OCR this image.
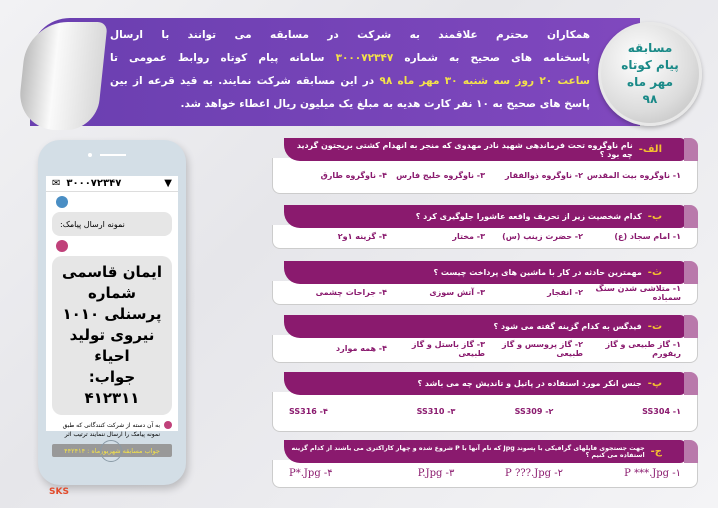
همکاران محترم علاقمند به شرکت در مسابقه می توانند با ارسال
پاسخنامه های صحیح به شماره ۳۰۰۰۷۲۳۴۷ سامانه پیام کوتاه روابط عمومی تا
ساعت ۲۰ روز سه شنبه ۳۰ مهر ماه ۹۸ در این مسابقه شرکت نمایند. به قید قرعه از بین
پاسخ های صحیح به ۱۰ نفر کارت هدیه به مبلغ یک میلیون ریال اعطاء خواهد شد.
مسابقه
پیام کوتاه
مهر ماه
۹۸
✉ ۳۰۰۰۷۲۳۴۷	▼
نمونه ارسال پیامک:
ایمان قاسمی
شماره پرسنلی ۱۰۱۰
نیروی تولید احیاء
جواب: ۴۱۲۳۱۱
به آن دسته از شرکت کنندگانی که طبق نمونه پیامک را ارسال ننمایند ترتیب اثر
جواب مسابقه شهریورماه : ۴۴۲۴۱۴
SKS
الف-
نام ناوگروه تحت فرماندهی شهید نادر مهدوی که منجر به انهدام کشتی بریجتون گردید چه بود ؟
۱- ناوگروه بیت المقدس
۲- ناوگروه ذوالفقار
۳- ناوگروه خلیج فارس
۴- ناوگروه طارق
ب-
کدام شخصیت زیر از تحریف واقعه عاشورا جلوگیری کرد ؟
۱- امام سجاد (ع)
۲- حضرت زینب (س)
۳- مختار
۴- گزینه ۱و۲
ث-
مهمترین حادثه در کار با ماشین های پرداخت چیست ؟
۱- متلاشی شدن سنگ سمباده
۲- انفجار
۳- آتش سوزی
۴- جراحات چشمی
ت-
فیدگس به کدام گزینه گفته می شود ؟
۱- گاز طبیعی و گاز ریفورم
۲- گاز پروسس و گاز طبیعی
۳- گاز باستل و گاز طبیعی
۴- همه موارد
پ-
جنس انکر مورد استفاده در پاتیل و تاندیش چه می باشد ؟
SS316 -۴	SS310 -۳	SS309 -۲	SS304 -۱
ج-
جهت جستجوی فایلهای گرافیکی با پسوند Jpg که نام آنها با P شروع شده و چهار کاراکتری می باشند از کدام گزینه استفاده می کنیم ؟
P*.Jpg -۴	P.Jpg -۳	P ???.Jpg -۲	P ***.Jpg -۱
